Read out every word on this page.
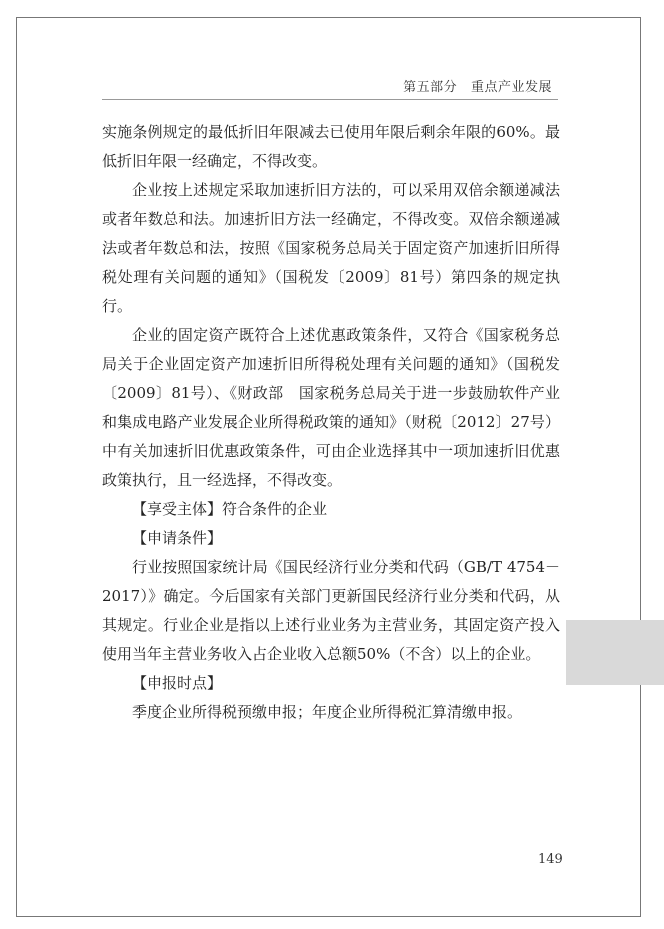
第五部分 重点产业发展

实施条例规定的最低折旧年限减去已使用年限后剩余年限的60%。最低折旧年限一经确定，不得改变。

企业按上述规定采取加速折旧方法的，可以采用双倍余额递减法或者年数总和法。加速折旧方法一经确定，不得改变。双倍余额递减法或者年数总和法，按照《国家税务总局关于固定资产加速折旧所得税处理有关问题的通知》（国税发〔2009〕81号）第四条的规定执行。

企业的固定资产既符合上述优惠政策条件，又符合《国家税务总局关于企业固定资产加速折旧所得税处理有关问题的通知》（国税发〔2009〕81号）、《财政部　国家税务总局关于进一步鼓励软件产业和集成电路产业发展企业所得税政策的通知》（财税〔2012〕27号）中有关加速折旧优惠政策条件，可由企业选择其中一项加速折旧优惠政策执行，且一经选择，不得改变。

【享受主体】符合条件的企业

【申请条件】

行业按照国家统计局《国民经济行业分类和代码（GB/T 4754－2017）》确定。今后国家有关部门更新国民经济行业分类和代码，从其规定。行业企业是指以上述行业业务为主营业务，其固定资产投入使用当年主营业务收入占企业收入总额50%（不含）以上的企业。

【申报时点】

季度企业所得税预缴申报；年度企业所得税汇算清缴申报。

149
